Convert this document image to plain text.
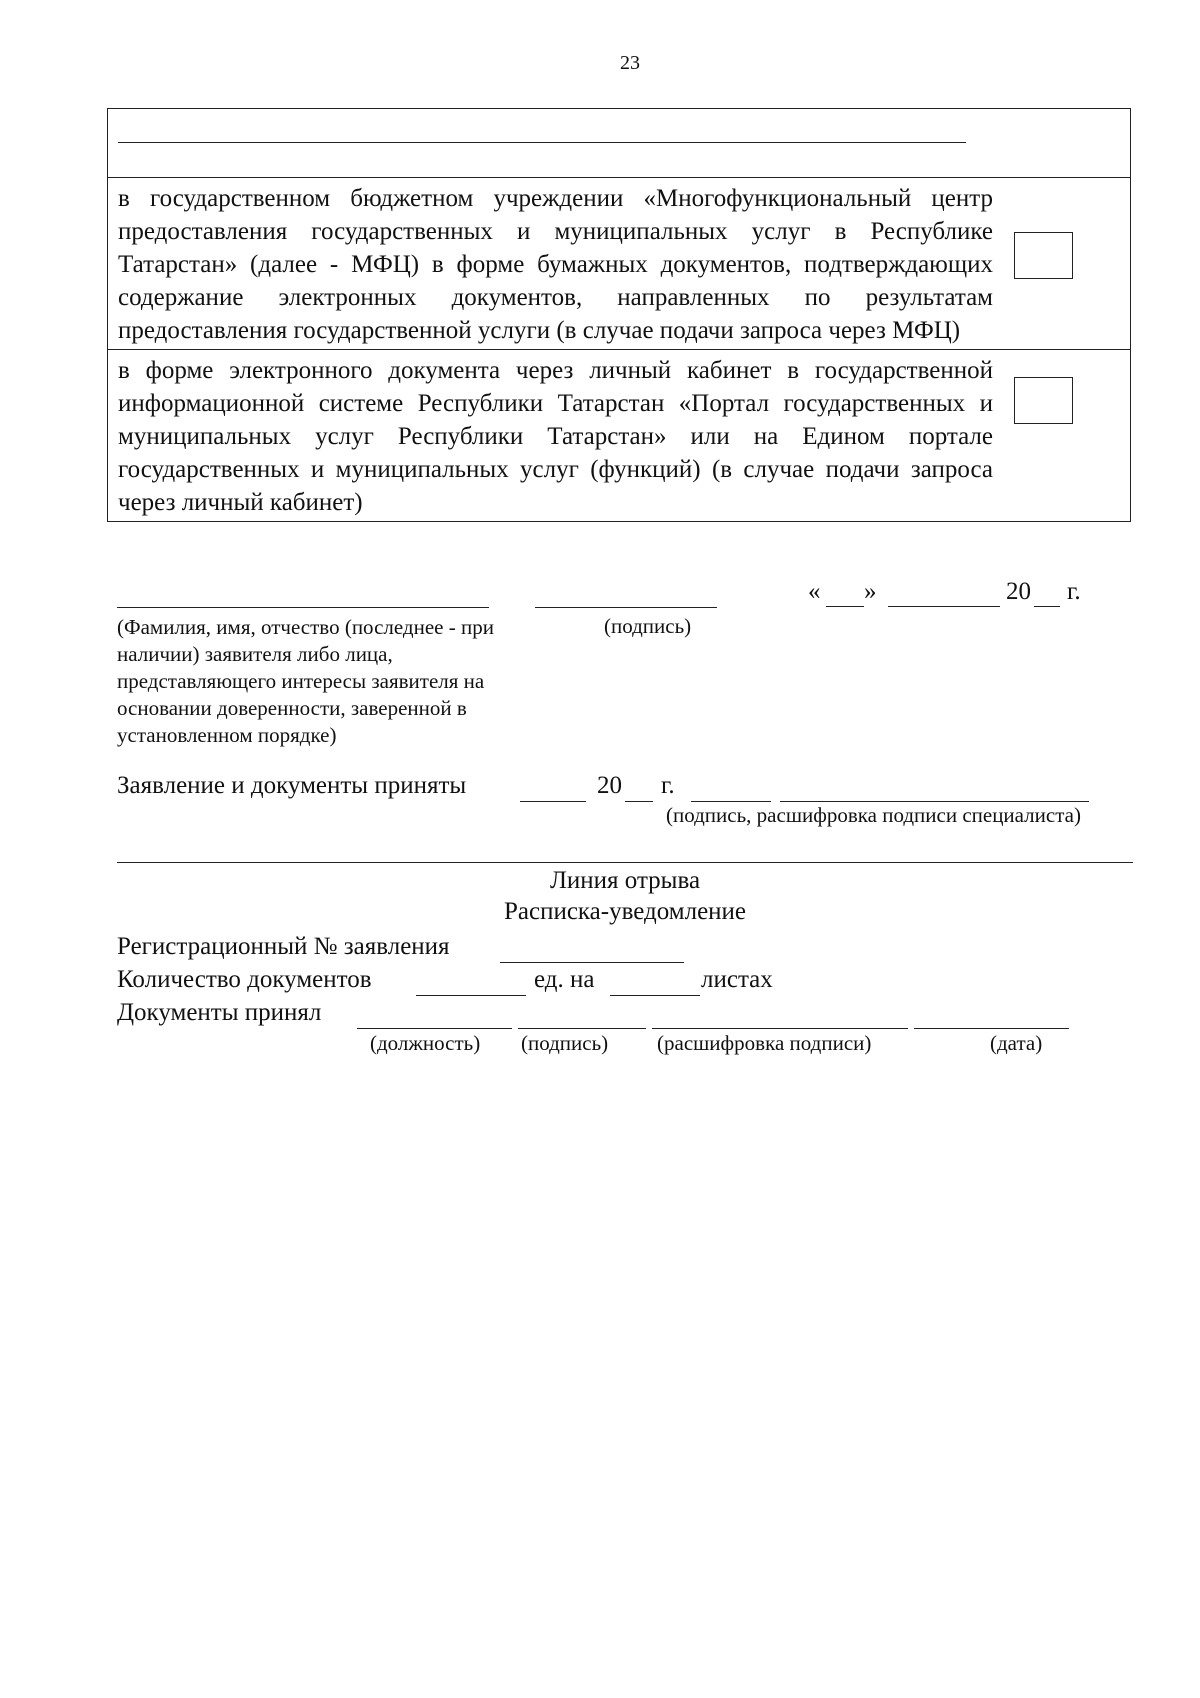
23

в государственном бюджетном учреждении «Многофункциональный центр предоставления государственных и муниципальных услуг в Республике Татарстан» (далее - МФЦ) в форме бумажных документов, подтверждающих содержание электронных документов, направленных по результатам предоставления государственной услуги (в случае подачи запроса через МФЦ)	

в форме электронного документа через личный кабинет в государственной информационной системе Республики Татарстан «Портал государственных и муниципальных услуг Республики Татарстан» или на Едином портале государственных и муниципальных услуг (функций) (в случае подачи запроса через личный кабинет)	

« »	20 г.
(Фамилия, имя, отчество (последнее - при наличии) заявителя либо лица, представляющего интересы заявителя на основании доверенности, заверенной в установленном порядке)
(подпись)
Заявление и документы приняты	20 г.
(подпись, расшифровка подписи специалиста)
Линия отрыва
Расписка-уведомление
Регистрационный № заявления
Количество документов	ед. на	листах
Документы принял
(должность) (подпись) (расшифровка подписи)	(дата)
